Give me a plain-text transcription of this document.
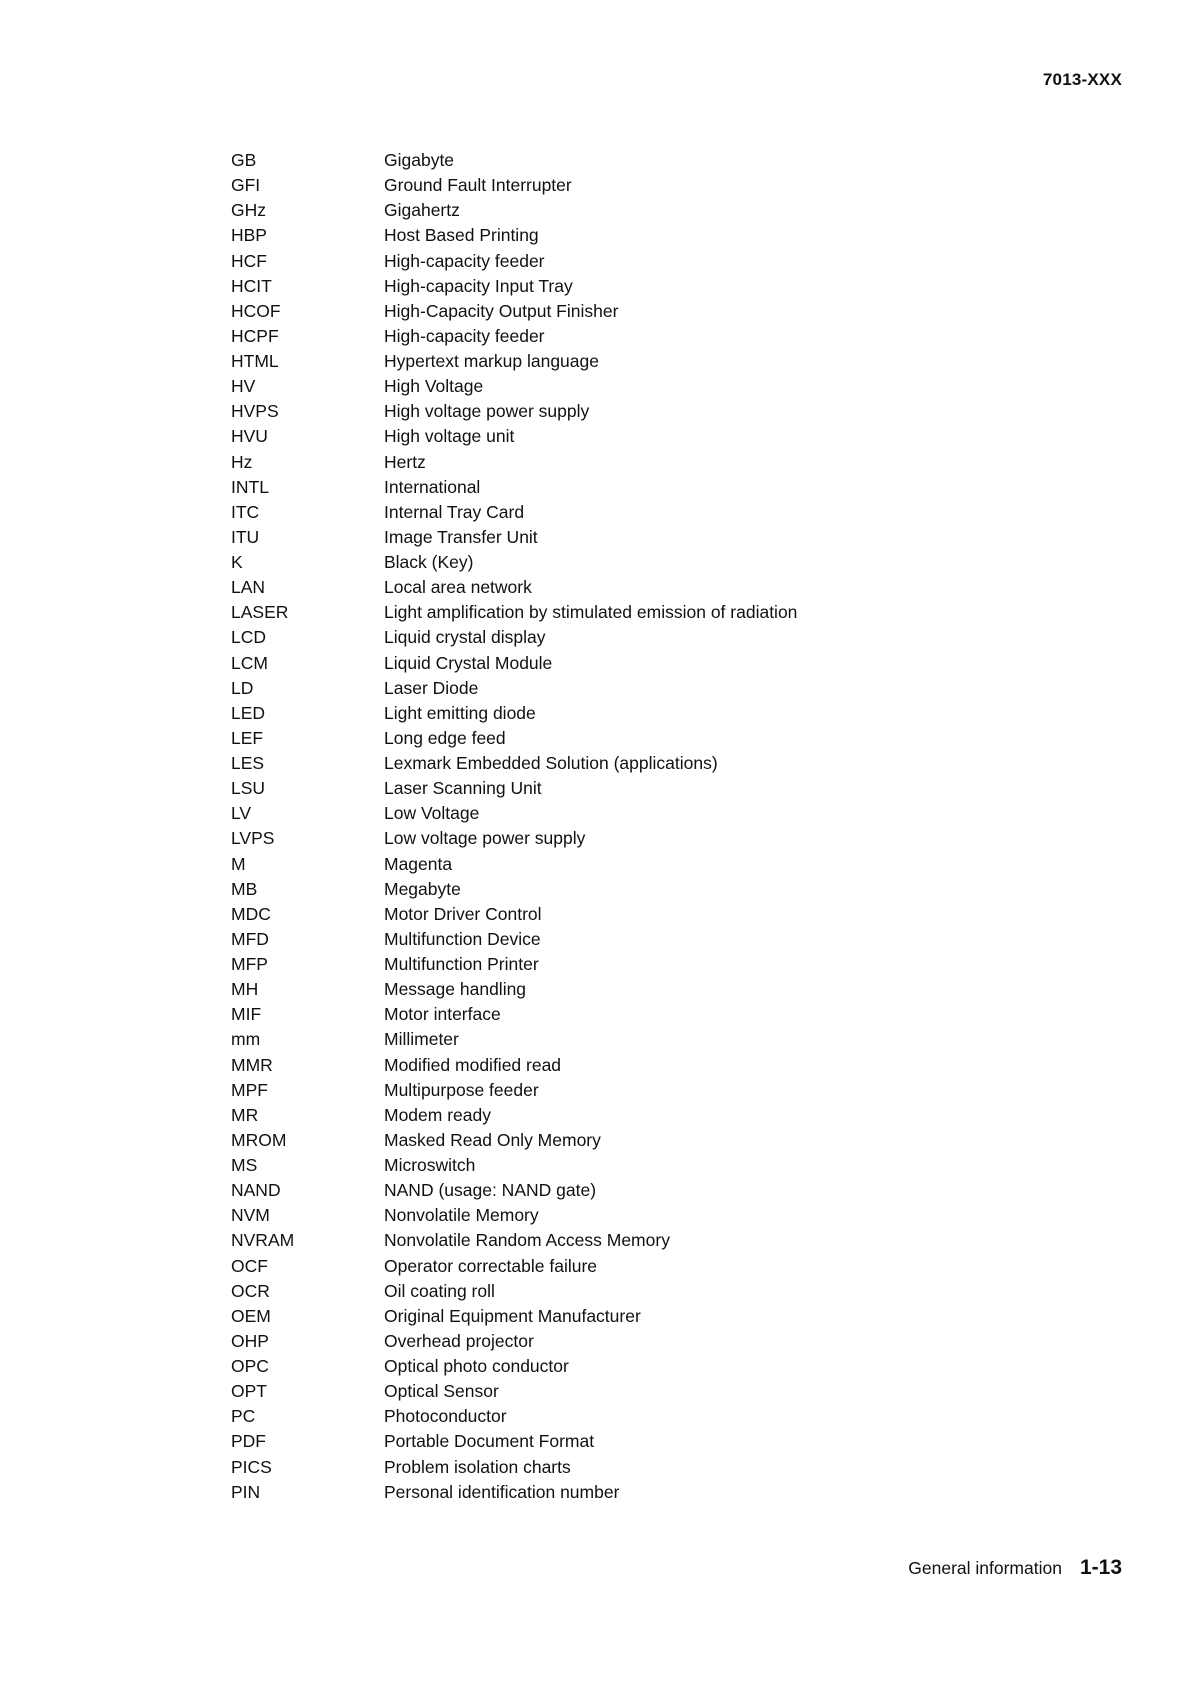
7013-XXX
GB	Gigabyte
GFI	Ground Fault Interrupter
GHz	Gigahertz
HBP	Host Based Printing
HCF	High-capacity feeder
HCIT	High-capacity Input Tray
HCOF	High-Capacity Output Finisher
HCPF	High-capacity feeder
HTML	Hypertext markup language
HV	High Voltage
HVPS	High voltage power supply
HVU	High voltage unit
Hz	Hertz
INTL	International
ITC	Internal Tray Card
ITU	Image Transfer Unit
K	Black (Key)
LAN	Local area network
LASER	Light amplification by stimulated emission of radiation
LCD	Liquid crystal display
LCM	Liquid Crystal Module
LD	Laser Diode
LED	Light emitting diode
LEF	Long edge feed
LES	Lexmark Embedded Solution (applications)
LSU	Laser Scanning Unit
LV	Low Voltage
LVPS	Low voltage power supply
M	Magenta
MB	Megabyte
MDC	Motor Driver Control
MFD	Multifunction Device
MFP	Multifunction Printer
MH	Message handling
MIF	Motor interface
mm	Millimeter
MMR	Modified modified read
MPF	Multipurpose feeder
MR	Modem ready
MROM	Masked Read Only Memory
MS	Microswitch
NAND	NAND (usage: NAND gate)
NVM	Nonvolatile Memory
NVRAM	Nonvolatile Random Access Memory
OCF	Operator correctable failure
OCR	Oil coating roll
OEM	Original Equipment Manufacturer
OHP	Overhead projector
OPC	Optical photo conductor
OPT	Optical Sensor
PC	Photoconductor
PDF	Portable Document Format
PICS	Problem isolation charts
PIN	Personal identification number
General information 1-13
